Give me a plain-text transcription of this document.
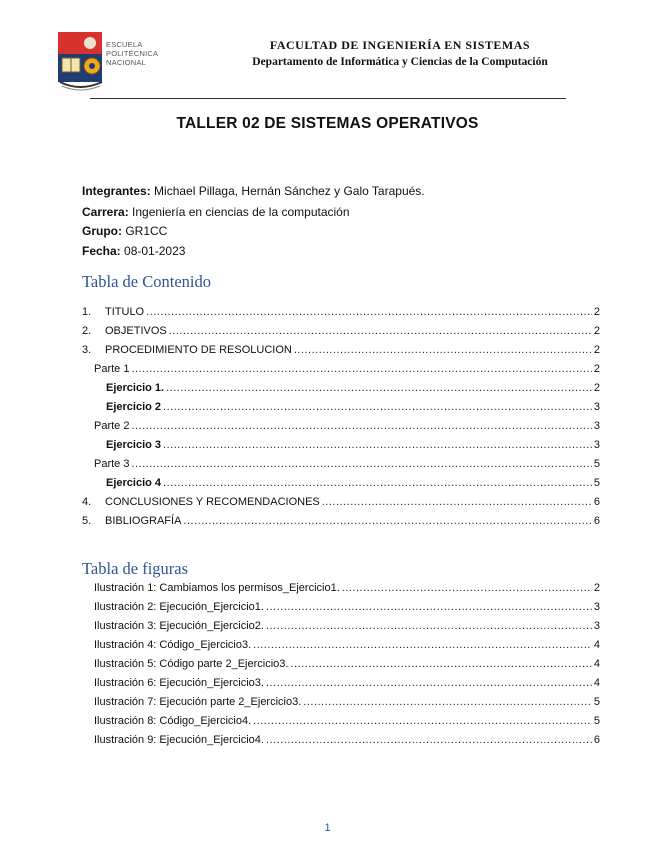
ESCUELA
POLITÉCNICA
NACIONAL
FACULTAD DE INGENIERÍA EN SISTEMAS
Departamento de Informática y Ciencias de la Computación
TALLER 02 DE SISTEMAS OPERATIVOS
Integrantes: Michael Pillaga, Hernán Sánchez y Galo Tarapués.
Carrera: Ingeniería en ciencias de la computación
Grupo: GR1CC
Fecha: 08-01-2023
Tabla de Contenido
1.	TITULO .....	2
2.	OBJETIVOS .....	2
3.	PROCEDIMIENTO DE RESOLUCION .....	2
Parte 1 .....	2
Ejercicio 1. .....	2
Ejercicio 2 .....	3
Parte 2 .....	3
Ejercicio 3 .....	3
Parte 3 .....	5
Ejercicio 4 .....	5
4.	CONCLUSIONES Y RECOMENDACIONES .....	6
5.	BIBLIOGRAFÍA .....	6
Tabla de figuras
Ilustración 1: Cambiamos los permisos_Ejercicio1. .....	2
Ilustración 2: Ejecución_Ejercicio1. .....	3
Ilustración 3: Ejecución_Ejercicio2. .....	3
Ilustración 4: Código_Ejercicio3. .....	4
Ilustración 5: Código parte 2_Ejercicio3. .....	4
Ilustración 6: Ejecución_Ejercicio3. .....	4
Ilustración 7: Ejecución parte 2_Ejercicio3. .....	5
Ilustración 8: Código_Ejercicio4. .....	5
Ilustración 9: Ejecución_Ejercicio4. .....	6
1
